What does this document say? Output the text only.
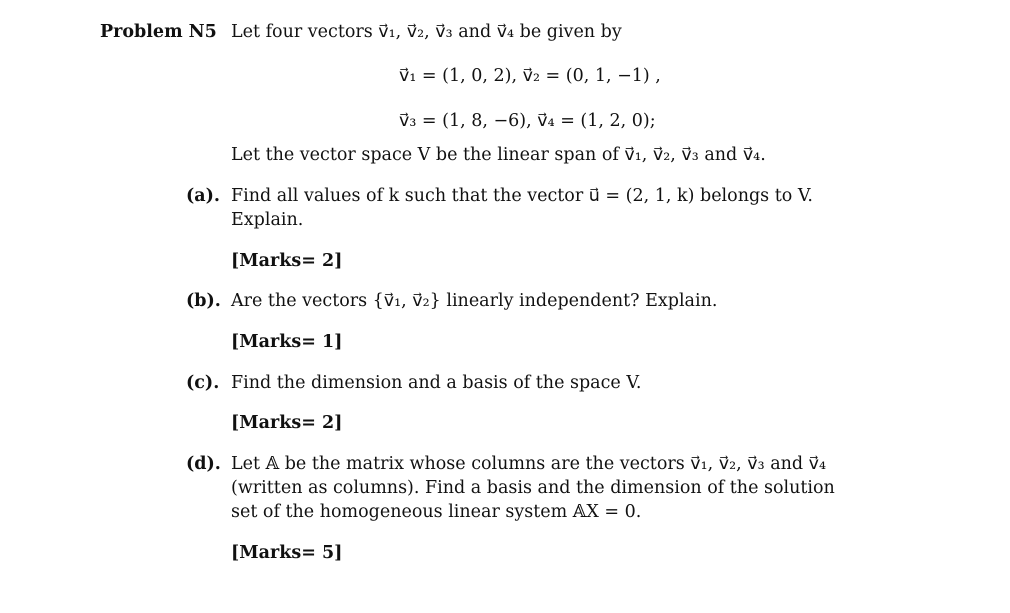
Problem N5 Let four vectors v⃗₁, v⃗₂, v⃗₃ and v⃗₄ be given by
v⃗₁ = (1, 0, 2), v⃗₂ = (0, 1, −1) ,
v⃗₃ = (1, 8, −6), v⃗₄ = (1, 2, 0);
Let the vector space V be the linear span of v⃗₁, v⃗₂, v⃗₃ and v⃗₄.
(a). Find all values of k such that the vector u⃗ = (2, 1, k) belongs to V.
Explain.
[Marks= 2]
(b). Are the vectors {v⃗₁, v⃗₂} linearly independent? Explain.
[Marks= 1]
(c). Find the dimension and a basis of the space V.
[Marks= 2]
(d). Let 𝔸 be the matrix whose columns are the vectors v⃗₁, v⃗₂, v⃗₃ and v⃗₄
(written as columns). Find a basis and the dimension of the solution
set of the homogeneous linear system 𝔸X = 0.
[Marks= 5]
